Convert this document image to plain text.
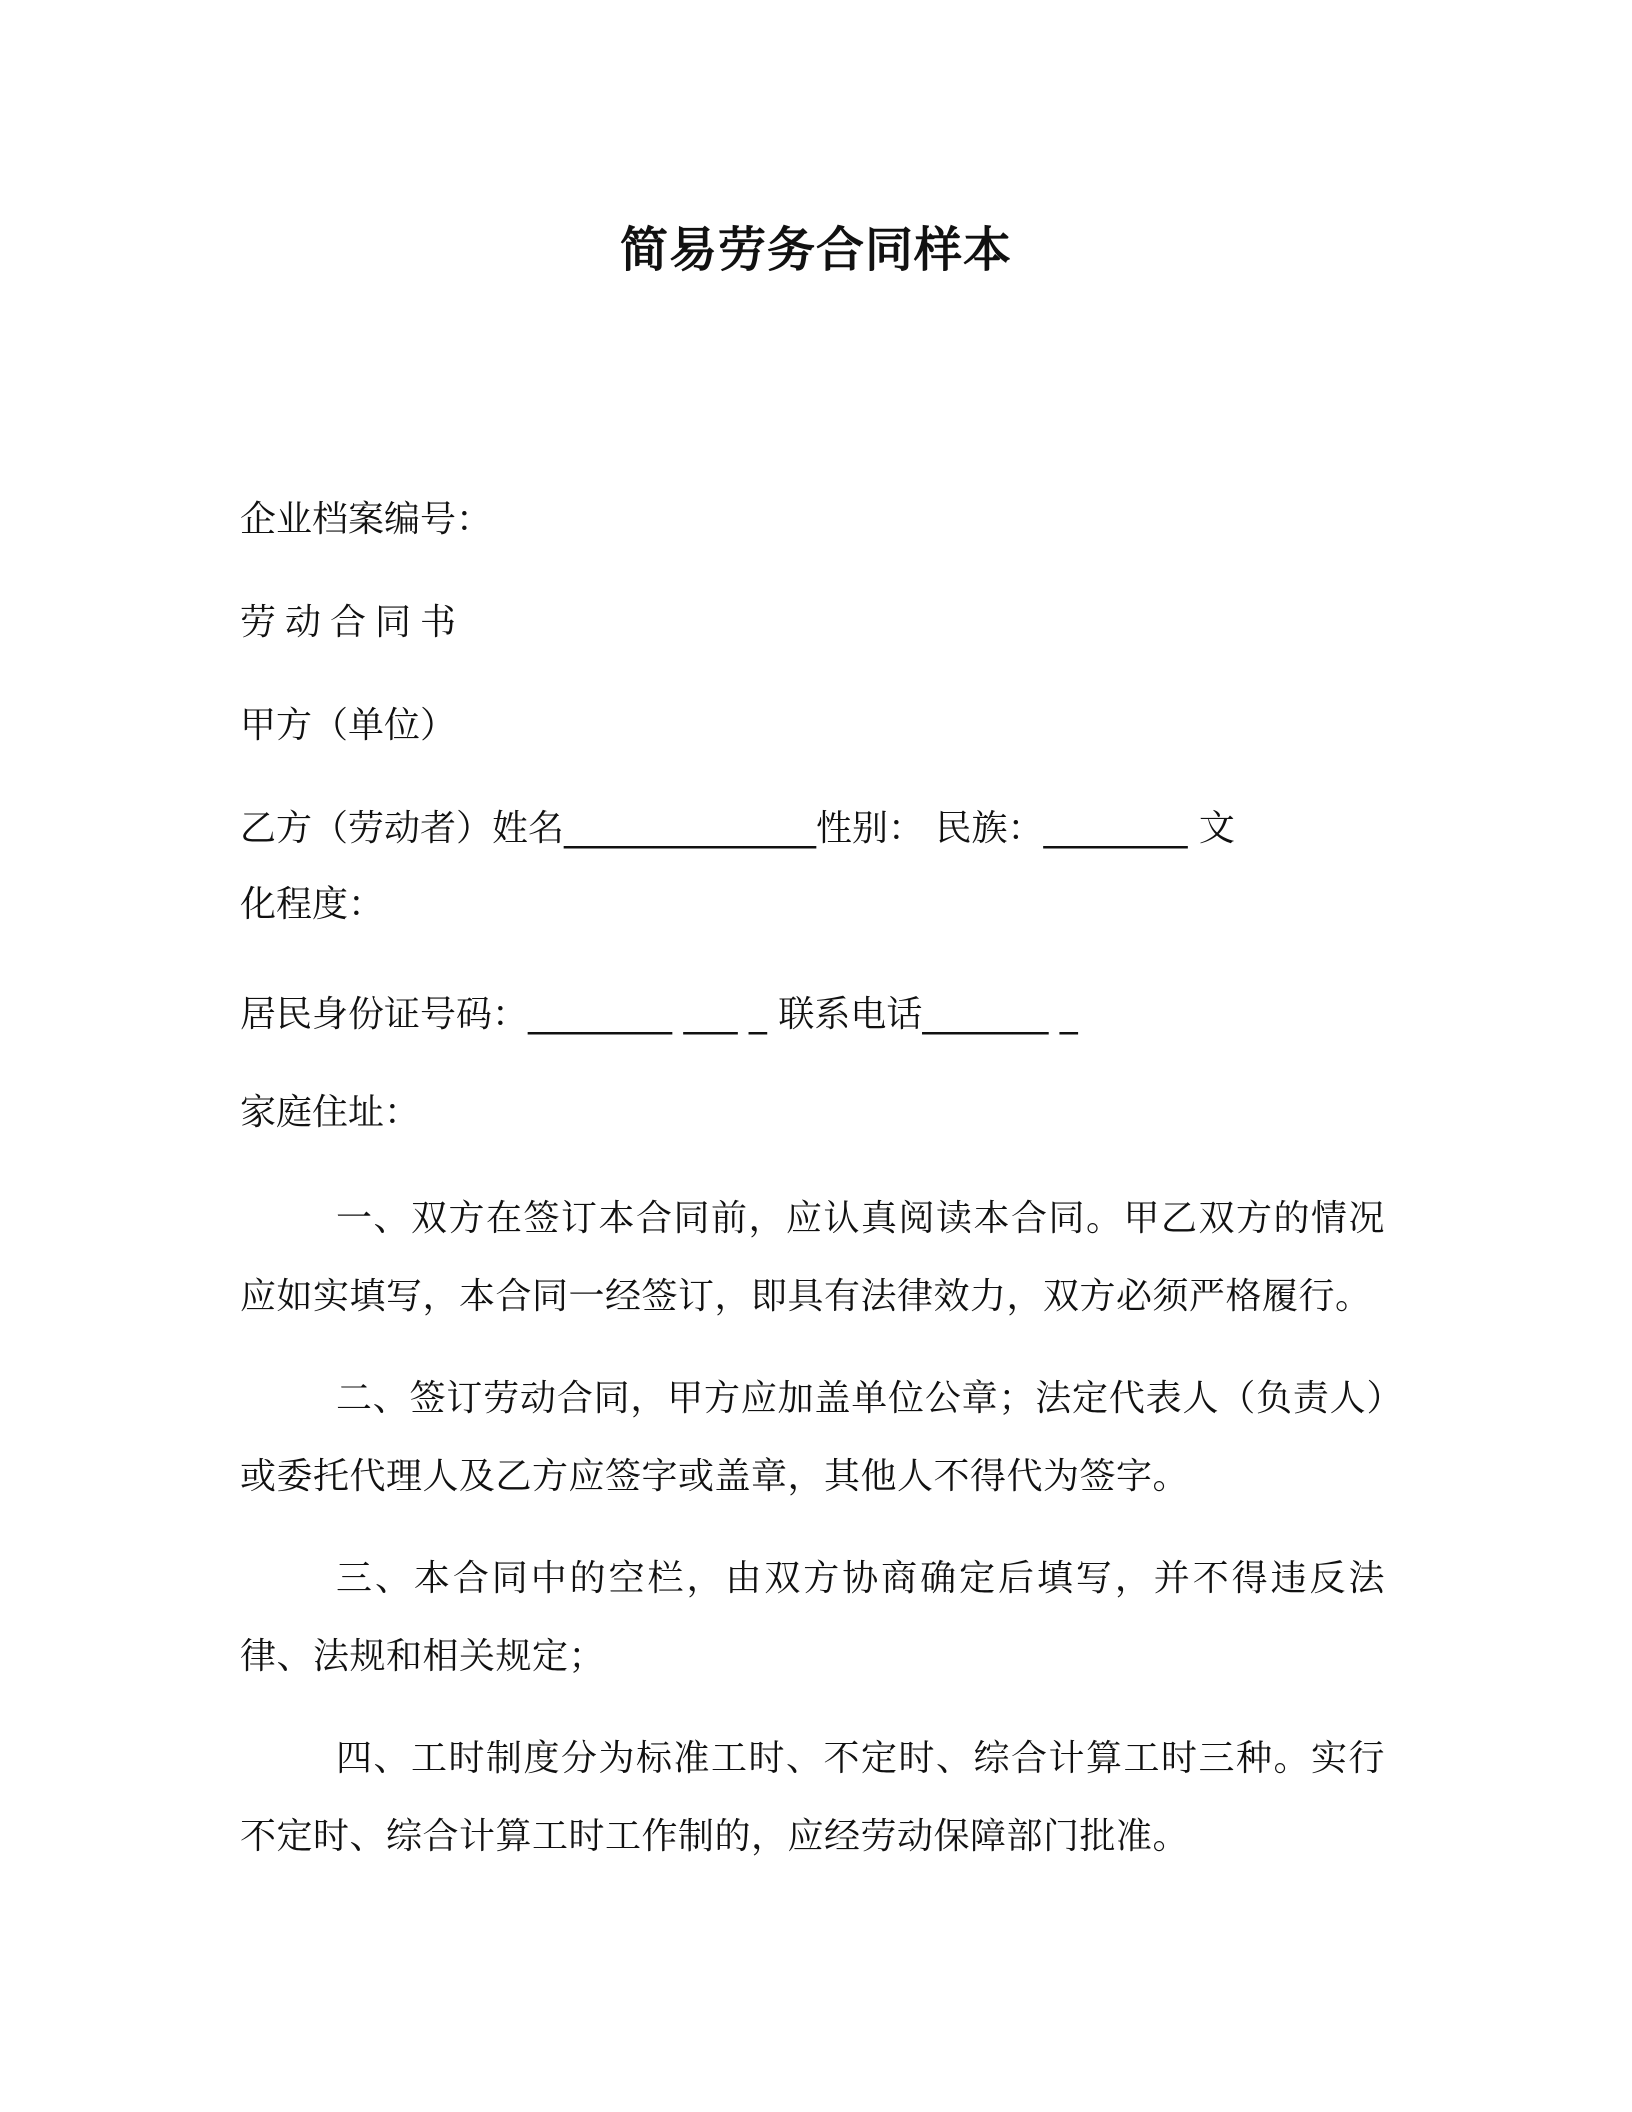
简易劳务合同样本
企业档案编号：
劳动合同书
甲方（单位）
乙方（劳动者）姓名______________性别： 民族：________ 文
化程度：
居民身份证号码：________ ___ _ 联系电话_______ _
家庭住址：
一、双方在签订本合同前，应认真阅读本合同。甲乙双方的情况应如实填写，本合同一经签订，即具有法律效力，双方必须严格履行。
二、签订劳动合同，甲方应加盖单位公章；法定代表人（负责人）或委托代理人及乙方应签字或盖章，其他人不得代为签字。
三、本合同中的空栏，由双方协商确定后填写，并不得违反法律、法规和相关规定；
四、工时制度分为标准工时、不定时、综合计算工时三种。实行不定时、综合计算工时工作制的，应经劳动保障部门批准。
